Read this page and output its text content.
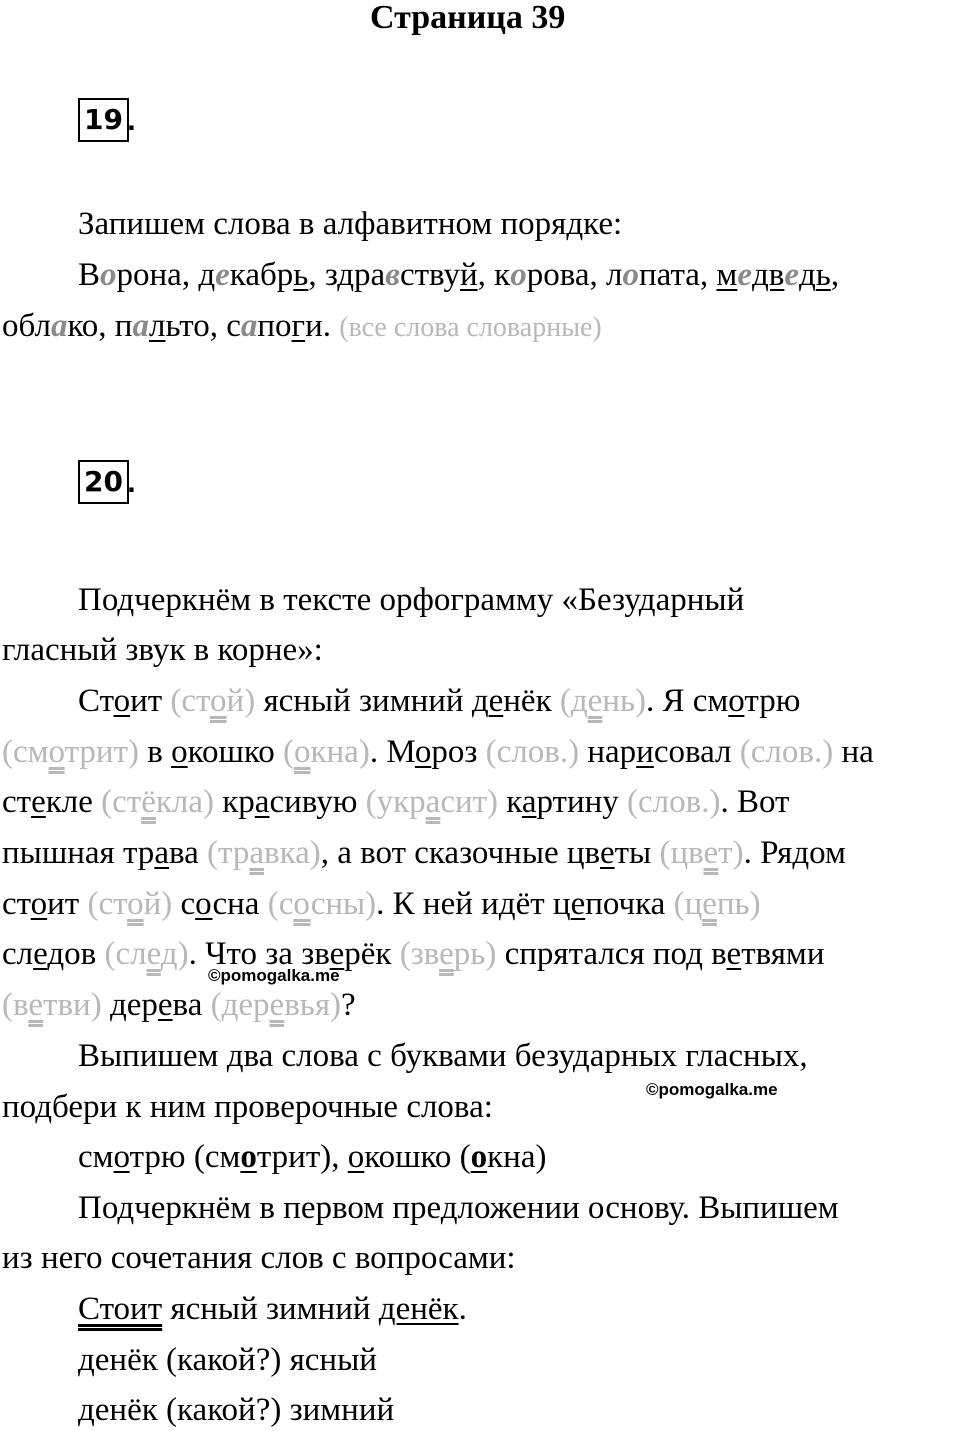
Страница 39
19 .
Запишем слова в алфавитном порядке:
Ворона, декабрь, здравствуй, корова, лопата, медведь,
облако, пальто, сапоги. (все слова словарные)
20 .
Подчеркнём в тексте орфограмму «Безударный
гласный звук в корне»:
Стоит (стой) ясный зимний денёк (день). Я смотрю
(смотрит) в окошко (окна). Мороз (слов.) нарисовал (слов.) на
стекле (стёкла) красивую (украсит) картину (слов.). Вот
пышная трава (травка), а вот сказочные цветы (цвет). Рядом
стоит (стой) сосна (сосны). К ней идёт цепочка (цепь)
следов (след). Что за зверёк (зверь) спрятался под ветвями
©pomogalka.me
(ветви) дерева (деревья)?
Выпишем два слова с буквами безударных гласных,
©pomogalka.me
подбери к ним проверочные слова:
смотрю (смотрит), окошко (окна)
Подчеркнём в первом предложении основу. Выпишем
из него сочетания слов с вопросами:
Стоит ясный зимний денёк.
денёк (какой?) ясный
денёк (какой?) зимний
